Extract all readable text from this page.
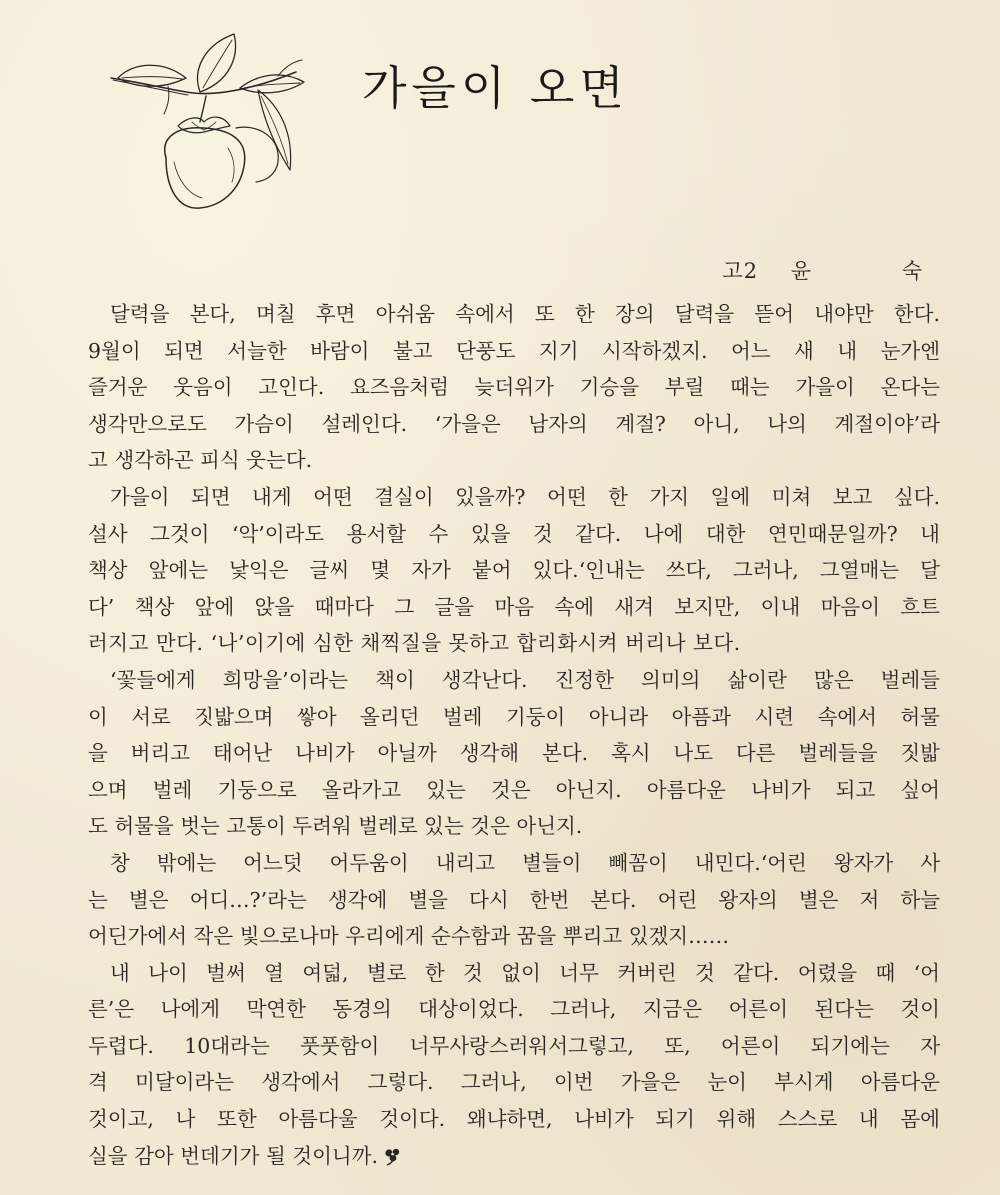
가을이 오면
고2 윤 숙
달력을 본다, 며칠 후면 아쉬움 속에서 또 한 장의 달력을 뜯어 내야만 한다.
9월이 되면 서늘한 바람이 불고 단풍도 지기 시작하겠지. 어느 새 내 눈가엔
즐거운 웃음이 고인다. 요즈음처럼 늦더위가 기승을 부릴 때는 가을이 온다는
생각만으로도 가슴이 설레인다. ‘가을은 남자의 계절? 아니, 나의 계절이야’라
고 생각하곤 피식 웃는다.
가을이 되면 내게 어떤 결실이 있을까? 어떤 한 가지 일에 미쳐 보고 싶다.
설사 그것이 ‘악’이라도 용서할 수 있을 것 같다. 나에 대한 연민때문일까? 내
책상 앞에는 낯익은 글씨 몇 자가 붙어 있다.‘인내는 쓰다, 그러나, 그열매는 달
다’ 책상 앞에 앉을 때마다 그 글을 마음 속에 새겨 보지만, 이내 마음이 흐트
러지고 만다. ‘나’이기에 심한 채찍질을 못하고 합리화시켜 버리나 보다.
‘꽃들에게 희망을’이라는 책이 생각난다. 진정한 의미의 삶이란 많은 벌레들
이 서로 짓밟으며 쌓아 올리던 벌레 기둥이 아니라 아픔과 시련 속에서 허물
을 버리고 태어난 나비가 아닐까 생각해 본다. 혹시 나도 다른 벌레들을 짓밟
으며 벌레 기둥으로 올라가고 있는 것은 아닌지. 아름다운 나비가 되고 싶어
도 허물을 벗는 고통이 두려워 벌레로 있는 것은 아닌지.
창 밖에는 어느덧 어두움이 내리고 별들이 빼꼼이 내민다.‘어린 왕자가 사
는 별은 어디…?’라는 생각에 별을 다시 한번 본다. 어린 왕자의 별은 저 하늘
어딘가에서 작은 빛으로나마 우리에게 순수함과 꿈을 뿌리고 있겠지……
내 나이 벌써 열 여덟, 별로 한 것 없이 너무 커버린 것 같다. 어렸을 때 ‘어
른’은 나에게 막연한 동경의 대상이었다. 그러나, 지금은 어른이 된다는 것이
두렵다. 10대라는 풋풋함이 너무사랑스러워서그렇고, 또, 어른이 되기에는 자
격 미달이라는 생각에서 그렇다. 그러나, 이번 가을은 눈이 부시게 아름다운
것이고, 나 또한 아름다울 것이다. 왜냐하면, 나비가 되기 위해 스스로 내 몸에
실을 감아 번데기가 될 것이니까.
